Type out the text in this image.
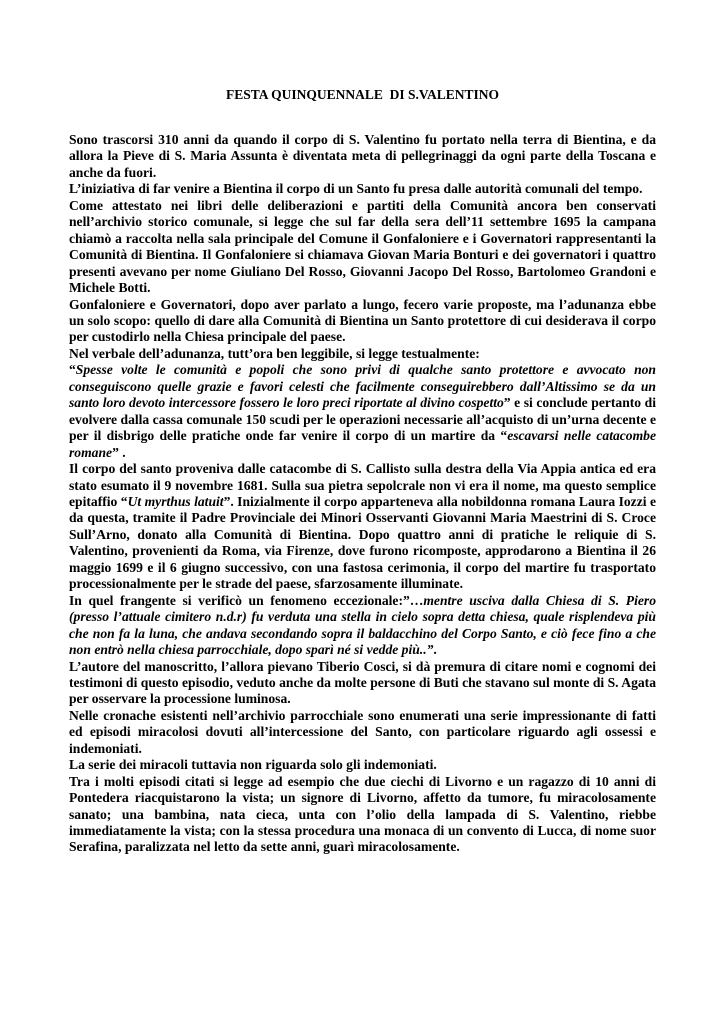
FESTA QUINQUENNALE  DI S.VALENTINO

Sono trascorsi 310 anni da quando il corpo di S. Valentino fu portato nella terra di Bientina, e da allora la Pieve di S. Maria Assunta è diventata meta di pellegrinaggi da ogni parte della Toscana e anche da fuori.

L’iniziativa di far venire a Bientina il corpo di un Santo fu presa dalle autorità comunali del tempo.

Come attestato nei libri delle deliberazioni e partiti della Comunità ancora ben conservati nell’archivio storico comunale, si legge che sul far della sera dell’11 settembre 1695 la campana chiamò a raccolta nella sala principale del Comune il Gonfaloniere e i Governatori rappresentanti la Comunità di Bientina. Il Gonfaloniere si chiamava Giovan Maria Bonturi e dei governatori i quattro presenti avevano per nome Giuliano Del Rosso, Giovanni Jacopo Del Rosso, Bartolomeo Grandoni e Michele Botti.

Gonfaloniere e Governatori, dopo aver parlato a lungo, fecero varie proposte, ma l’adunanza ebbe un solo scopo: quello di dare alla Comunità di Bientina un Santo protettore di cui desiderava il corpo per custodirlo nella Chiesa principale del paese.

Nel verbale dell’adunanza, tutt’ora ben leggibile, si legge testualmente:

“Spesse volte le comunità e popoli che sono privi di qualche santo protettore e avvocato non conseguiscono quelle grazie e favori celesti che facilmente conseguirebbero dall’Altissimo se da un santo loro devoto intercessore fossero le loro preci riportate al divino cospetto” e si conclude pertanto di evolvere dalla cassa comunale 150 scudi per le operazioni necessarie all’acquisto di un’urna decente e per il disbrigo delle pratiche onde far venire il corpo di un martire da “escavarsi nelle catacombe romane” .

Il corpo del santo proveniva dalle catacombe di S. Callisto sulla destra della Via Appia antica ed era stato esumato il 9 novembre 1681. Sulla sua pietra sepolcrale non vi era il nome, ma questo semplice epitaffio “Ut myrthus latuit”. Inizialmente il corpo apparteneva alla nobildonna romana Laura Iozzi e da questa, tramite il Padre Provinciale dei Minori Osservanti Giovanni Maria Maestrini di S. Croce Sull’Arno, donato alla Comunità di Bientina. Dopo quattro anni di pratiche le reliquie di S. Valentino, provenienti da Roma, via Firenze, dove furono ricomposte, approdarono a Bientina il 26 maggio 1699 e il 6 giugno successivo, con una fastosa cerimonia, il corpo del martire fu trasportato processionalmente per le strade del paese, sfarzosamente illuminate.

In quel frangente si verificò un fenomeno eccezionale:”…mentre usciva dalla Chiesa di S. Piero (presso l’attuale cimitero n.d.r) fu verduta una stella in cielo sopra detta chiesa, quale risplendeva più che non fa la luna, che andava secondando sopra il baldacchino del Corpo Santo, e ciò fece fino a che non entrò nella chiesa parrocchiale, dopo sparì né si vedde più..”.

L’autore del manoscritto, l’allora pievano Tiberio Cosci, si dà premura di citare nomi e cognomi dei testimoni di questo episodio, veduto anche da molte persone di Buti che stavano sul monte di S. Agata per osservare la processione luminosa.

Nelle cronache esistenti nell’archivio parrocchiale sono enumerati una serie impressionante di fatti ed episodi miracolosi dovuti all’intercessione del Santo, con particolare riguardo agli ossessi e indemoniati.

La serie dei miracoli tuttavia non riguarda solo gli indemoniati.

Tra i molti episodi citati si legge ad esempio che due ciechi di Livorno e un ragazzo di 10 anni di Pontedera riacquistarono la vista; un signore di Livorno, affetto da tumore, fu miracolosamente sanato; una bambina, nata cieca, unta con l’olio della lampada di S. Valentino, riebbe immediatamente la vista; con la stessa procedura una monaca di un convento di Lucca, di nome suor Serafina, paralizzata nel letto da sette anni, guarì miracolosamente.
